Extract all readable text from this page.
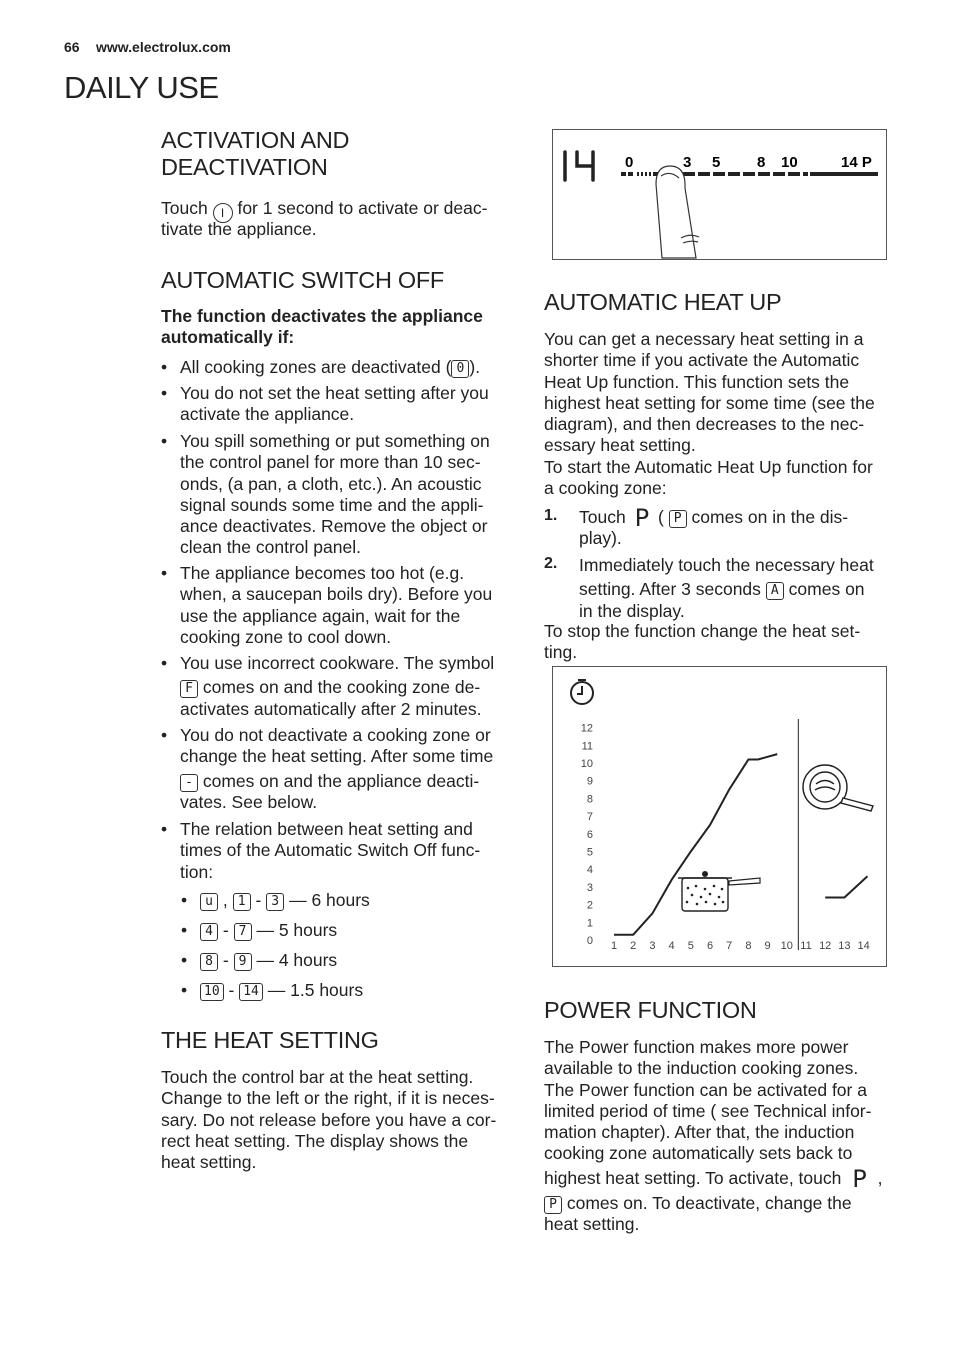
66 www.electrolux.com
DAILY USE
ACTIVATION AND
DEACTIVATION
Touch I for 1 second to activate or deac-
tivate the appliance.
AUTOMATIC SWITCH OFF
The function deactivates the appliance
automatically if:
• All cooking zones are deactivated ( 0 ).
• You do not set the heat setting after you
activate the appliance.
• You spill something or put something on
the control panel for more than 10 sec-
onds, (a pan, a cloth, etc.). An acoustic
signal sounds some time and the appli-
ance deactivates. Remove the object or
clean the control panel.
• The appliance becomes too hot (e.g.
when, a saucepan boils dry). Before you
use the appliance again, wait for the
cooking zone to cool down.
• You use incorrect cookware. The symbol
F comes on and the cooking zone de-
activates automatically after 2 minutes.
• You do not deactivate a cooking zone or
change the heat setting. After some time
- comes on and the appliance deacti-
vates. See below.
• The relation between heat setting and
times of the Automatic Switch Off func-
tion:
• u , 1 - 3 — 6 hours
• 4 - 7 — 5 hours
• 8 - 9 — 4 hours
• 10 - 14 — 1.5 hours
THE HEAT SETTING
Touch the control bar at the heat setting.
Change to the left or the right, if it is neces-
sary. Do not release before you have a cor-
rect heat setting. The display shows the
heat setting.
0	3 5 8 10	14 P
AUTOMATIC HEAT UP
You can get a necessary heat setting in a
shorter time if you activate the Automatic
Heat Up function. This function sets the
highest heat setting for some time (see the
diagram), and then decreases to the nec-
essary heat setting.
To start the Automatic Heat Up function for
a cooking zone:
1. Touch P ( P comes on in the dis-
play).
2. Immediately touch the necessary heat
setting. After 3 seconds A comes on
in the display.
To stop the function change the heat set-
ting.
0
1
2
3
4
5
6
7
8
9
10
11
12
1 2 3 4 5 6 7 8 9 10 11 12 13 14
POWER FUNCTION
The Power function makes more power
available to the induction cooking zones.
The Power function can be activated for a
limited period of time ( see Technical infor-
mation chapter). After that, the induction
cooking zone automatically sets back to
highest heat setting. To activate, touch P ,
P comes on. To deactivate, change the
heat setting.
